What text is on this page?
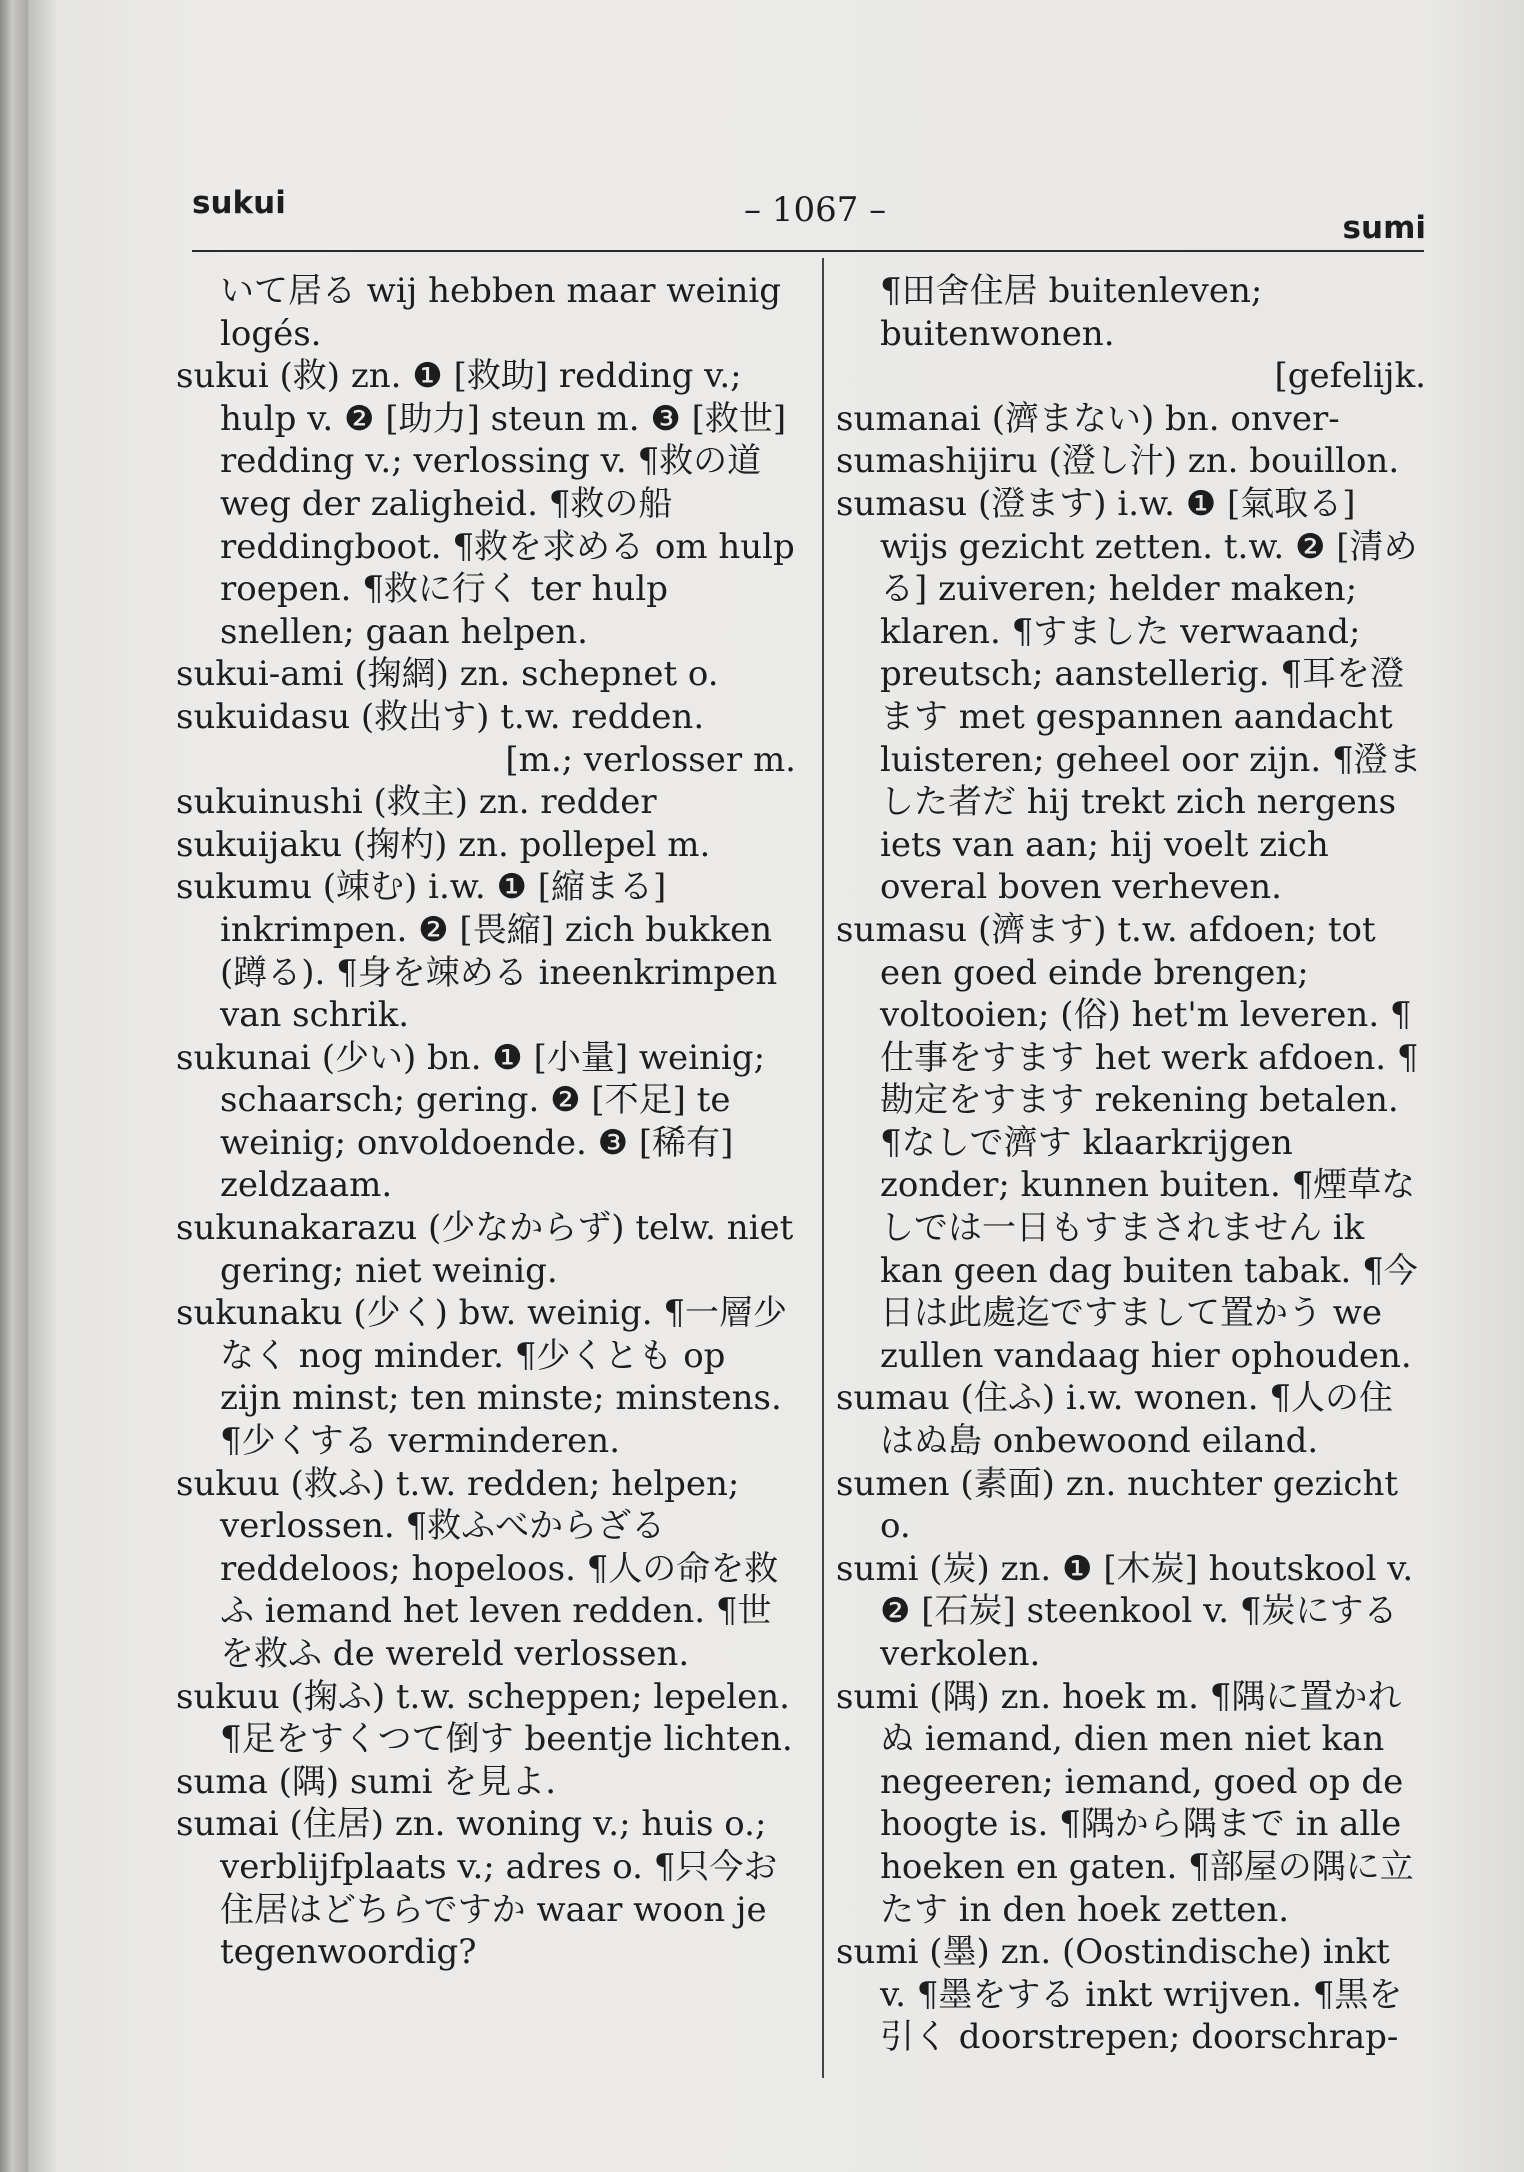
sukui	– 1067 –	sumi

いて居る wij hebben maar weinig logés.

sukui (救) zn. ❶ [救助] redding v.; hulp v. ❷ [助力] steun m. ❸ [救世] redding v.; verlossing v. ¶救の道 weg der zaligheid. ¶救の船 reddingboot. ¶救を求める om hulp roepen. ¶救に行く ter hulp snellen; gaan helpen.

sukui-ami (掬網) zn. schepnet o.

sukuidasu (救出す) t.w. redden.

[m.; verlosser m.

sukuinushi (救主) zn. redder

sukuijaku (掬杓) zn. pollepel m.

sukumu (竦む) i.w. ❶ [縮まる] inkrimpen. ❷ [畏縮] zich bukken (蹲る). ¶身を竦める ineenkrimpen van schrik.

sukunai (少い) bn. ❶ [小量] weinig; schaarsch; gering. ❷ [不足] te weinig; onvoldoende. ❸ [稀有] zeldzaam.

sukunakarazu (少なからず) telw. niet gering; niet weinig.

sukunaku (少く) bw. weinig. ¶一層少なく nog minder. ¶少くとも op zijn minst; ten minste; minstens. ¶少くする verminderen.

sukuu (救ふ) t.w. redden; helpen; verlossen. ¶救ふべからざる reddeloos; hopeloos. ¶人の命を救ふ iemand het leven redden. ¶世を救ふ de wereld verlossen.

sukuu (掬ふ) t.w. scheppen; lepelen. ¶足をすくつて倒す beentje lichten.

suma (隅) sumi を見よ.

sumai (住居) zn. woning v.; huis o.; verblijfplaats v.; adres o. ¶只今お住居はどちらですか waar woon je tegenwoordig?

¶田舍住居 buitenleven; buitenwonen.

[gefelijk.

sumanai (濟まない) bn. onver-

sumashijiru (澄し汁) zn. bouillon.

sumasu (澄ます) i.w. ❶ [氣取る] wijs gezicht zetten. t.w. ❷ [清める] zuiveren; helder maken; klaren. ¶すました verwaand; preutsch; aanstellerig. ¶耳を澄ます met gespannen aandacht luisteren; geheel oor zijn. ¶澄ました者だ hij trekt zich nergens iets van aan; hij voelt zich overal boven verheven.

sumasu (濟ます) t.w. afdoen; tot een goed einde brengen; voltooien; (俗) het'm leveren. ¶仕事をすます het werk afdoen. ¶勘定をすます rekening betalen. ¶なしで濟す klaarkrijgen zonder; kunnen buiten. ¶煙草なしでは一日もすまされません ik kan geen dag buiten tabak. ¶今日は此處迄ですまして置かう we zullen vandaag hier ophouden.

sumau (住ふ) i.w. wonen. ¶人の住はぬ島 onbewoond eiland.

sumen (素面) zn. nuchter gezicht o.

sumi (炭) zn. ❶ [木炭] houtskool v. ❷ [石炭] steenkool v. ¶炭にする verkolen.

sumi (隅) zn. hoek m. ¶隅に置かれぬ iemand, dien men niet kan negeeren; iemand, goed op de hoogte is. ¶隅から隅まで in alle hoeken en gaten. ¶部屋の隅に立たす in den hoek zetten.

sumi (墨) zn. (Oostindische) inkt v. ¶墨をする inkt wrijven. ¶黒を引く doorstrepen; doorschrap-
